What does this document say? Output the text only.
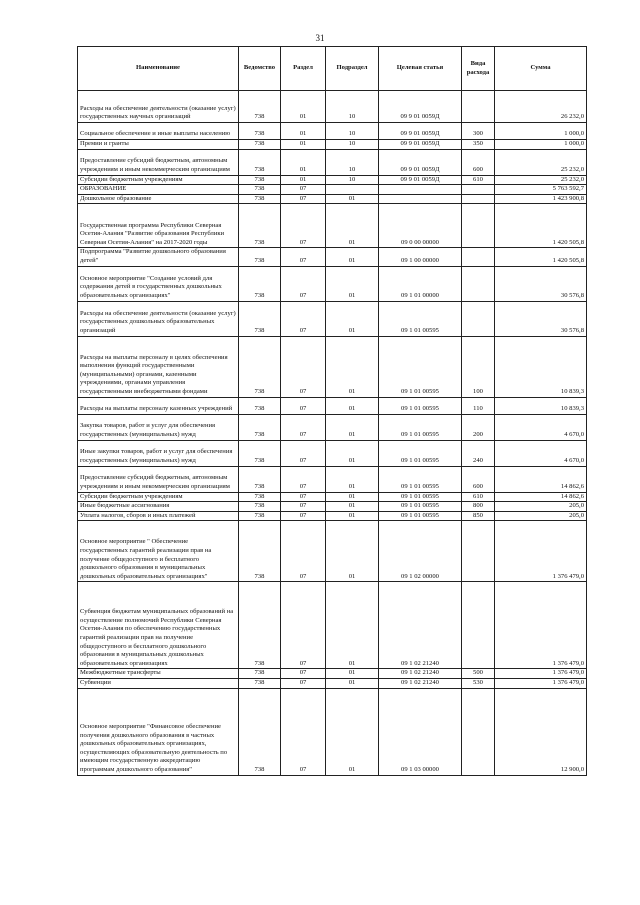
31
Наименование	Ведомство	Раздел	Подраздел	Целевая статья	Вида расхода	Сумма
Расходы на обеспечение деятельности (оказание услуг) государственных научных организаций	738	01	10	09 9 01 0059Д		26 232,0
Социальное обеспечение и иные выплаты населению	738	01	10	09 9 01 0059Д	300	1 000,0
Премии и гранты	738	01	10	09 9 01 0059Д	350	1 000,0
Предоставление субсидий бюджетным, автономным учреждениям и иным некоммерческим организациям	738	01	10	09 9 01 0059Д	600	25 232,0
Субсидии бюджетным учреждениям	738	01	10	09 9 01 0059Д	610	25 232,0
ОБРАЗОВАНИЕ	738	07				5 763 592,7
Дошкольное образование	738	07	01			1 423 900,8
Государственная программа Республики Северная Осетия-Алания "Развитие образования Республики Северная Осетия-Алания" на 2017-2020 годы	738	07	01	09 0 00 00000		1 420 505,8
Подпрограмма "Развитие дошкольного образования детей"	738	07	01	09 1 00 00000		1 420 505,8
Основное мероприятие "Создание условий для содержания детей в государственных дошкольных образовательных организациях"	738	07	01	09 1 01 00000		30 576,8
Расходы на обеспечение деятельности (оказание услуг) государственных дошкольных образовательных организаций	738	07	01	09 1 01 00595		30 576,8
Расходы на выплаты персоналу в целях обеспечения выполнения функций государственными (муниципальными) органами, казенными учреждениями, органами управления государственными внебюджетными фондами	738	07	01	09 1 01 00595	100	10 839,3
Расходы на выплаты персоналу казенных учреждений	738	07	01	09 1 01 00595	110	10 839,3
Закупка товаров, работ и услуг для обеспечения государственных (муниципальных) нужд	738	07	01	09 1 01 00595	200	4 670,0
Иные закупки товаров, работ и услуг для обеспечения государственных (муниципальных) нужд	738	07	01	09 1 01 00595	240	4 670,0
Предоставление субсидий бюджетным, автономным учреждениям и иным некоммерческим организациям	738	07	01	09 1 01 00595	600	14 862,6
Субсидии бюджетным учреждениям	738	07	01	09 1 01 00595	610	14 862,6
Иные бюджетные ассигнования	738	07	01	09 1 01 00595	800	205,0
Уплата налогов, сборов и иных платежей	738	07	01	09 1 01 00595	850	205,0
Основное мероприятие " Обеспечение государственных гарантий реализации прав на получение общедоступного и бесплатного дошкольного образования в муниципальных дошкольных образовательных организациях"	738	07	01	09 1 02 00000		1 376 479,0
Субвенция бюджетам муниципальных образований на осуществление полномочий Республики Северная Осетия-Алания по обеспечению государственных гарантий реализации прав на получение общедоступного и бесплатного дошкольного образования в муниципальных дошкольных образовательных организациях	738	07	01	09 1 02 21240		1 376 479,0
Межбюджетные трансферты	738	07	01	09 1 02 21240	500	1 376 479,0
Субвенции	738	07	01	09 1 02 21240	530	1 376 479,0
Основное мероприятие "Финансовое обеспечение получения дошкольного образования в частных дошкольных образовательных организациях, осуществляющих образовательную деятельность по имеющим государственную аккредитацию программам дошкольного образования"	738	07	01	09 1 03 00000		12 900,0
